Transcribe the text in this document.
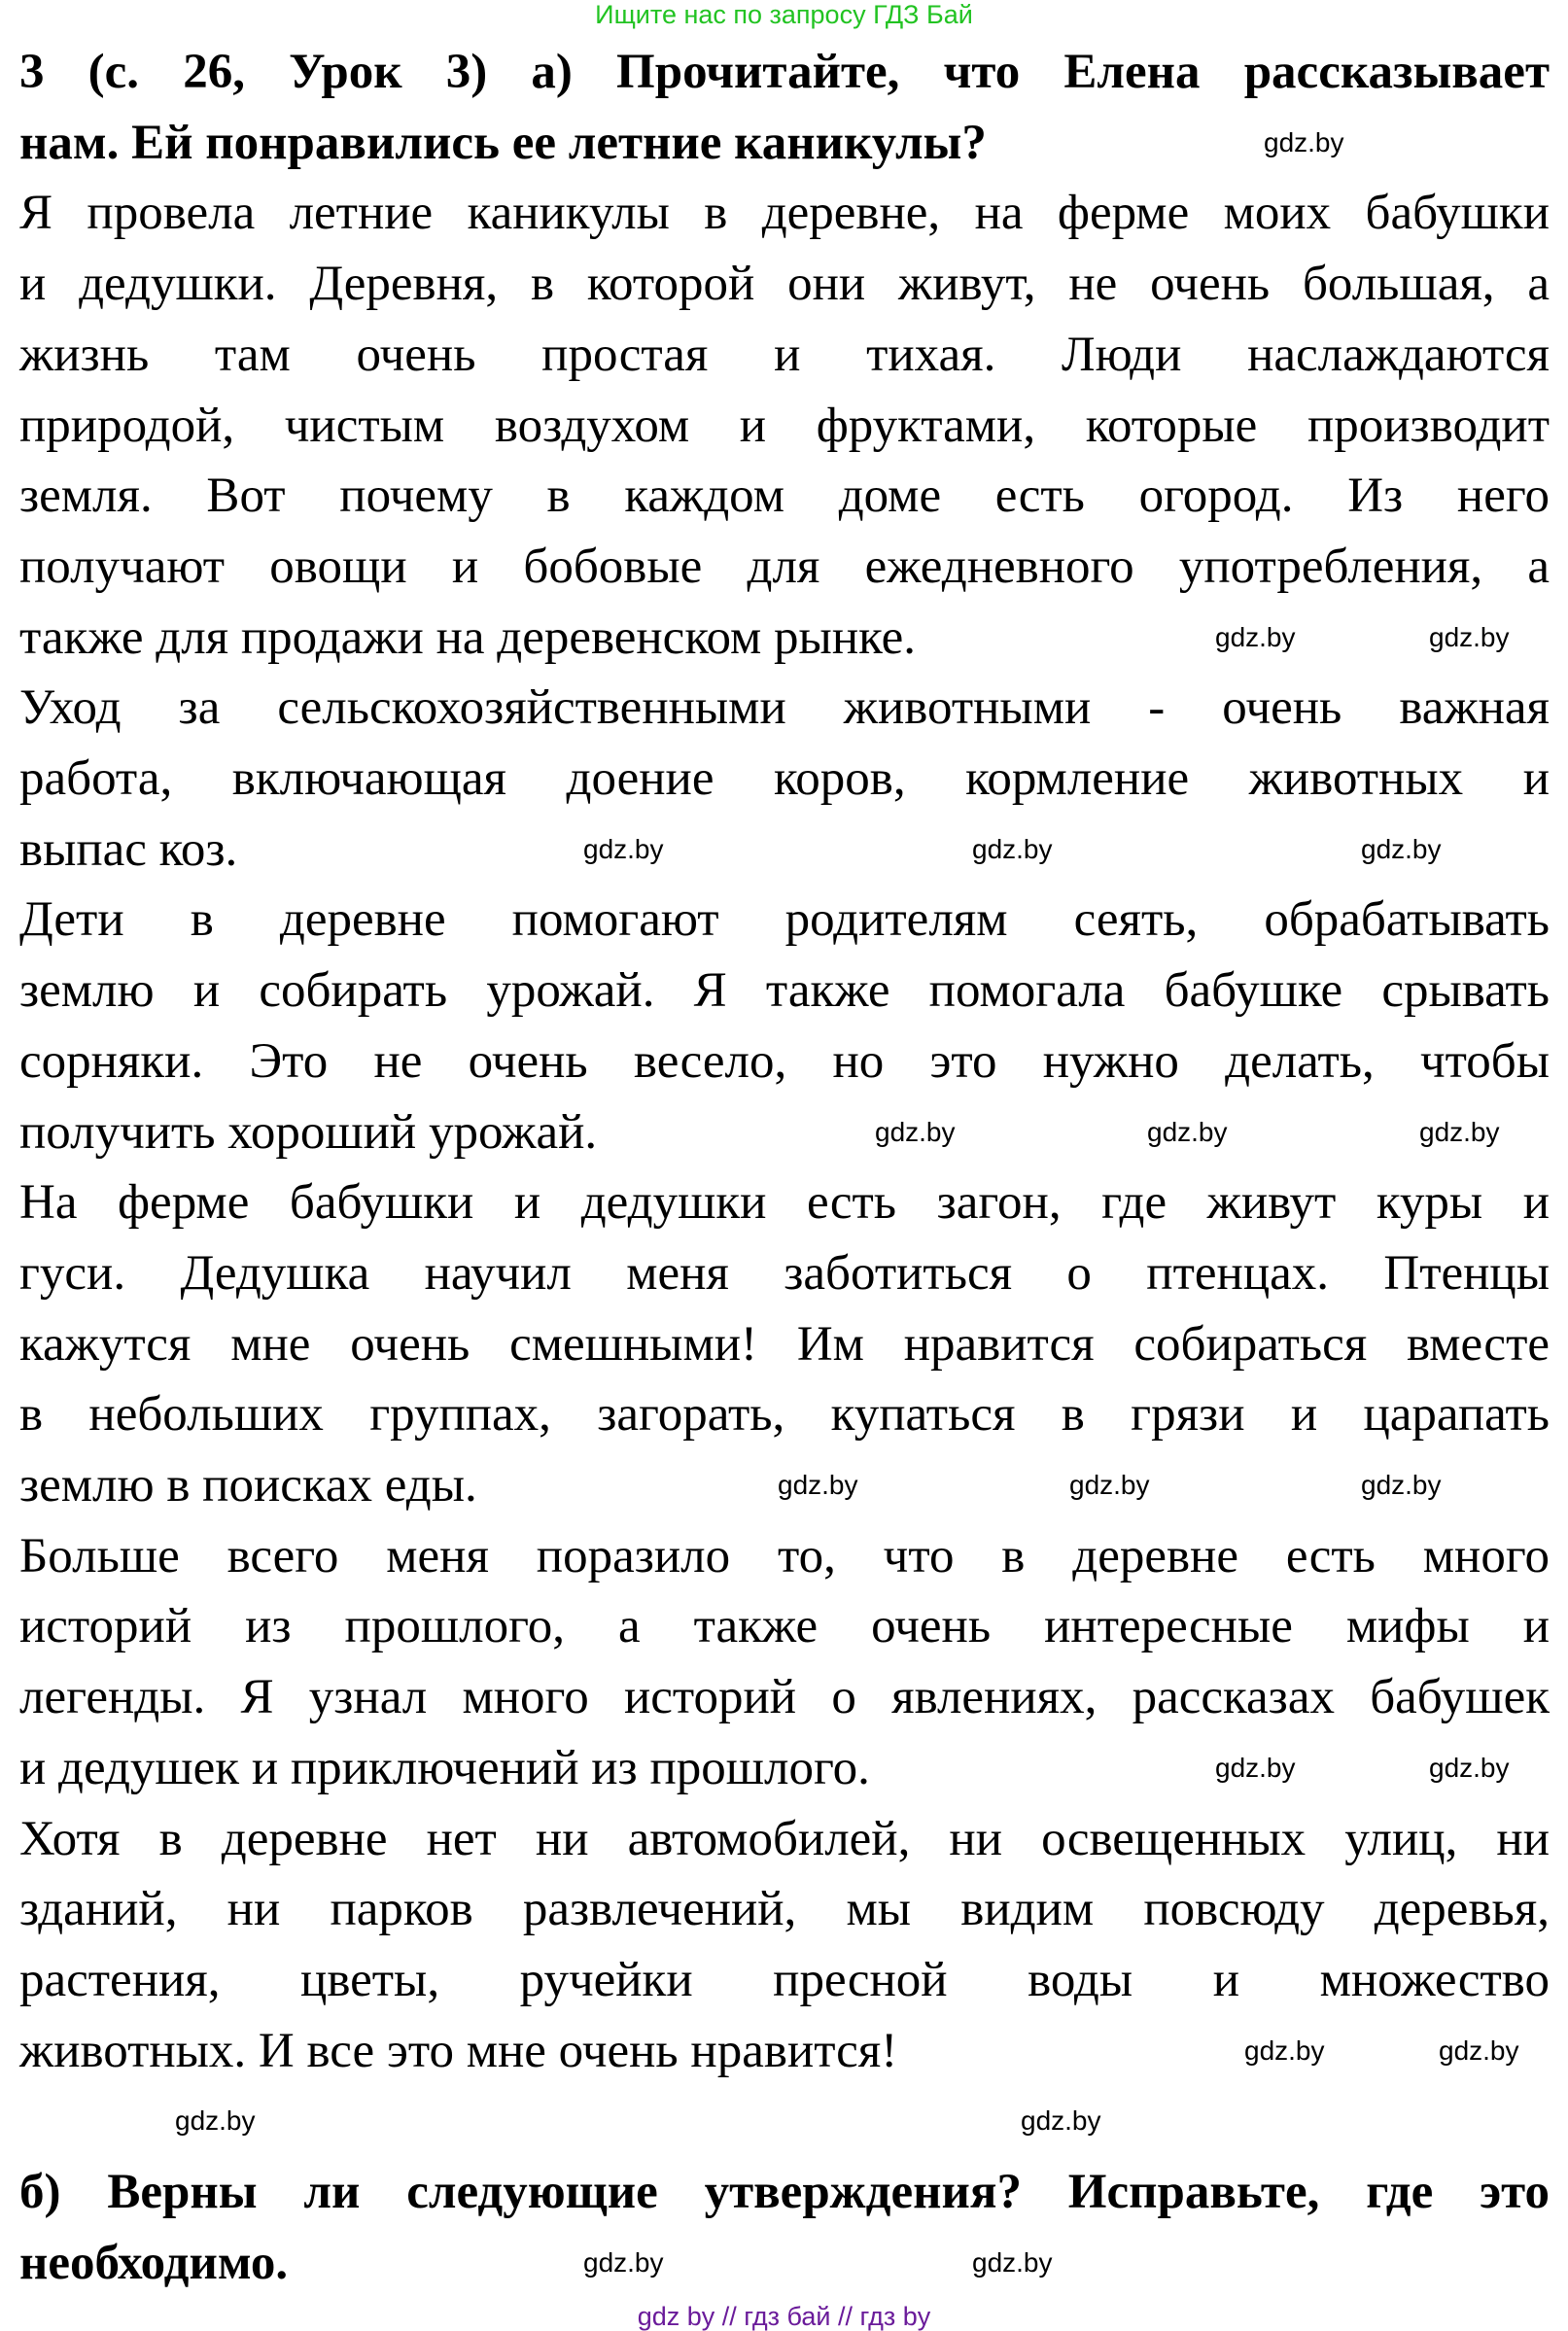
Ищите нас по запросу ГДЗ Бай
3 (с. 26, Урок 3) а) Прочитайте, что Елена рассказывает
нам. Ей понравились ее летние каникулы?
Я провела летние каникулы в деревне, на ферме моих бабушки
и дедушки. Деревня, в которой они живут, не очень большая, а
жизнь там очень простая и тихая. Люди наслаждаются
природой, чистым воздухом и фруктами, которые производит
земля. Вот почему в каждом доме есть огород. Из него
получают овощи и бобовые для ежедневного употребления, а
также для продажи на деревенском рынке.
Уход за сельскохозяйственными животными - очень важная
работа, включающая доение коров, кормление животных и
выпас коз.
Дети в деревне помогают родителям сеять, обрабатывать
землю и собирать урожай. Я также помогала бабушке срывать
сорняки. Это не очень весело, но это нужно делать, чтобы
получить хороший урожай.
На ферме бабушки и дедушки есть загон, где живут куры и
гуси. Дедушка научил меня заботиться о птенцах. Птенцы
кажутся мне очень смешными! Им нравится собираться вместе
в небольших группах, загорать, купаться в грязи и царапать
землю в поисках еды.
Больше всего меня поразило то, что в деревне есть много
историй из прошлого, а также очень интересные мифы и
легенды. Я узнал много историй о явлениях, рассказах бабушек
и дедушек и приключений из прошлого.
Хотя в деревне нет ни автомобилей, ни освещенных улиц, ни
зданий, ни парков развлечений, мы видим повсюду деревья,
растения, цветы, ручейки пресной воды и множество
животных. И все это мне очень нравится!
б) Верны ли следующие утверждения? Исправьте, где это
необходимо.
gdz.by
gdz.by	gdz.by
gdz.by	gdz.by	gdz.by
gdz.by	gdz.by	gdz.by
gdz.by	gdz.by	gdz.by
gdz.by	gdz.by
gdz.by	gdz.by
gdz.by	gdz.by
gdz.by	gdz.by
gdz by // гдз бай // гдз by
